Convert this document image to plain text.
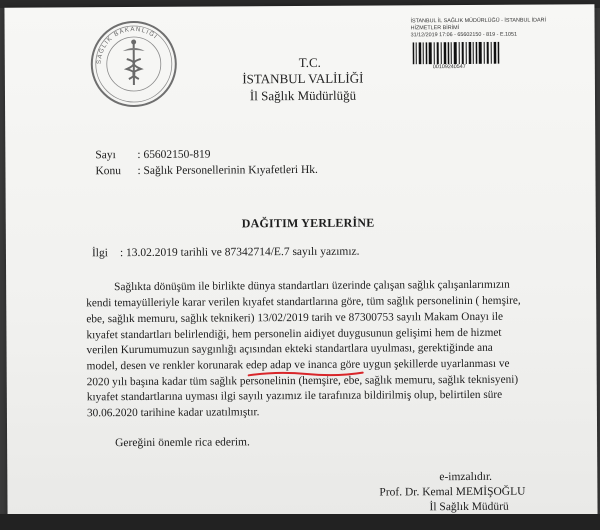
SAĞLIK BAKANLIĞI
İSTANBUL İL SAĞLIK MÜDÜRLÜĞÜ - İSTANBUL İDARİ
HİZMETLER BİRİMİ
31/12/2019 17:06 - 65602150 - 819 - E.1051
00109240547
T.C.
İSTANBUL VALİLİĞİ
İl Sağlık Müdürlüğü
Sayı : 65602150-819
Konu : Sağlık Personellerinin Kıyafetleri Hk.
DAĞITIM YERLERİNE
İlgi : 13.02.2019 tarihli ve 87342714/E.7 sayılı yazımız.
Sağlıkta dönüşüm ile birlikte dünya standartları üzerinde çalışan sağlık çalışanlarımızın
kendi temayülleriyle karar verilen kıyafet standartlarına göre, tüm sağlık personelinin ( hemşire,
ebe, sağlık memuru, sağlık teknikeri) 13/02/2019 tarih ve 87300753 sayılı Makam Onayı ile
kıyafet standartları belirlendiği, hem personelin aidiyet duygusunun gelişimi hem de hizmet
verilen Kurumumuzun saygınlığı açısından ekteki standartlara uyulması, gerektiğinde ana
model, desen ve renkler korunarak edep adap ve inanca göre uygun şekillerde uyarlanması ve
2020 yılı başına kadar tüm sağlık personelinin (hemşire, ebe, sağlık memuru, sağlık teknisyeni)
kıyafet standartlarına uyması ilgi sayılı yazımız ile tarafınıza bildirilmiş olup, belirtilen süre
30.06.2020 tarihine kadar uzatılmıştır.
Gereğini önemle rica ederim.
e-imzalıdır.
Prof. Dr. Kemal MEMİŞOĞLU
İl Sağlık Müdürü
